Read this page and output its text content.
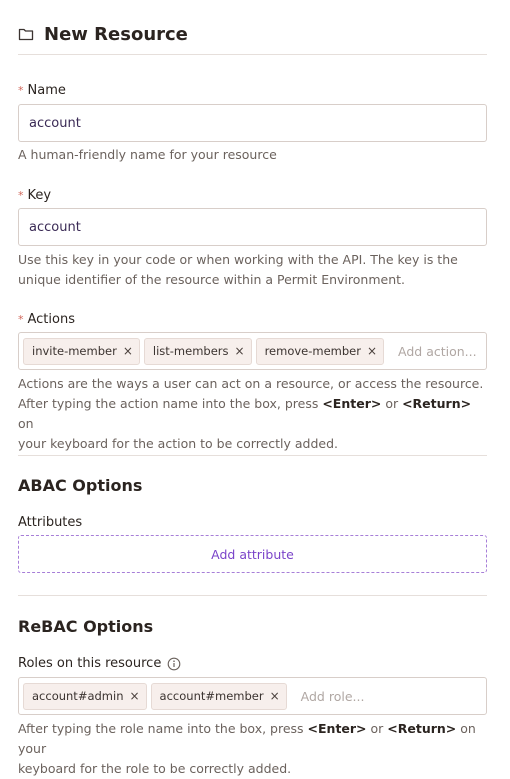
New Resource
* Name
account
A human-friendly name for your resource
* Key
account
Use this key in your code or when working with the API. The key is the
unique identifier of the resource within a Permit Environment.
* Actions
invite-member × list-members × remove-member × Add action...
Actions are the ways a user can act on a resource, or access the resource.
After typing the action name into the box, press <Enter> or <Return> on
your keyboard for the action to be correctly added.
ABAC Options
Attributes
Add attribute
ReBAC Options
Roles on this resource
account#admin × account#member × Add role...
After typing the role name into the box, press <Enter> or <Return> on your
keyboard for the role to be correctly added.
